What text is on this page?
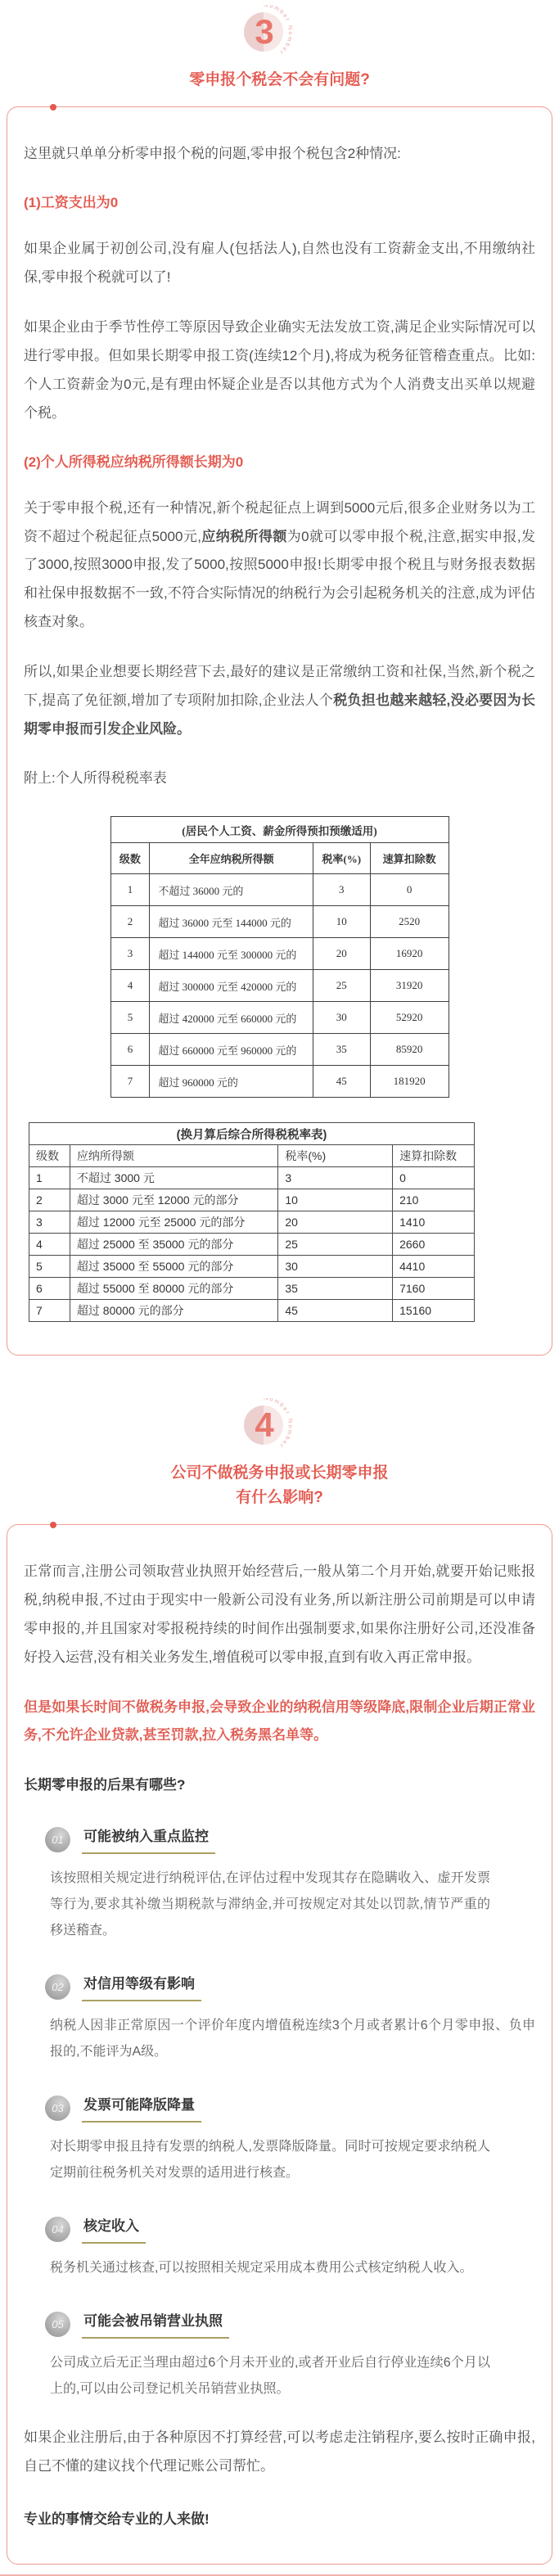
3
Number Number
零申报个税会不会有问题?

这里就只单单分析零申报个税的问题,零申报个税包含2种情况:

(1)工资支出为0

如果企业属于初创公司,没有雇人(包括法人),自然也没有工资薪金支出,不用缴纳社保,零申报个税就可以了!

如果企业由于季节性停工等原因导致企业确实无法发放工资,满足企业实际情况可以进行零申报。但如果长期零申报工资(连续12个月),将成为税务征管稽查重点。比如:个人工资薪金为0元,是有理由怀疑企业是否以其他方式为个人消费支出买单以规避个税。

(2)个人所得税应纳税所得额长期为0

关于零申报个税,还有一种情况,新个税起征点上调到5000元后,很多企业财务以为工资不超过个税起征点5000元,应纳税所得额为0就可以零申报个税,注意,据实申报,发了3000,按照3000申报,发了5000,按照5000申报!长期零申报个税且与财务报表数据和社保申报数据不一致,不符合实际情况的纳税行为会引起税务机关的注意,成为评估核查对象。

所以,如果企业想要长期经营下去,最好的建议是正常缴纳工资和社保,当然,新个税之下,提高了免征额,增加了专项附加扣除,企业法人个税负担也越来越轻,没必要因为长期零申报而引发企业风险。

附上:个人所得税税率表

(居民个人工资、薪金所得预扣预缴适用)			
级数	全年应纳税所得额	税率(%)	速算扣除数
1	不超过 36000 元的	3	0
2	超过 36000 元至 144000 元的	10	2520
3	超过 144000 元至 300000 元的	20	16920
4	超过 300000 元至 420000 元的	25	31920
5	超过 420000 元至 660000 元的	30	52920
6	超过 660000 元至 960000 元的	35	85920
7	超过 960000 元的	45	181920
(换月算后综合所得税税率表)			
级数	应纳所得额	税率(%)	速算扣除数
1	不超过 3000 元	3	0
2	超过 3000 元至 12000 元的部分	10	210
3	超过 12000 元至 25000 元的部分	20	1410
4	超过 25000 至 35000 元的部分	25	2660
5	超过 35000 至 55000 元的部分	30	4410
6	超过 55000 至 80000 元的部分	35	7160
7	超过 80000 元的部分	45	15160
4
Number Number
公司不做税务申报或长期零申报
有什么影响?

正常而言,注册公司领取营业执照开始经营后,一般从第二个月开始,就要开始记账报税,纳税申报,不过由于现实中一般新公司没有业务,所以新注册公司前期是可以申请零申报的,并且国家对零报税持续的时间作出强制要求,如果你注册好公司,还没准备好投入运营,没有相关业务发生,增值税可以零申报,直到有收入再正常申报。

但是如果长时间不做税务申报,会导致企业的纳税信用等级降底,限制企业后期正常业务,不允许企业贷款,甚至罚款,拉入税务黑名单等。

长期零申报的后果有哪些?

01	可能被纳入重点监控

该按照相关规定进行纳税评估,在评估过程中发现其存在隐瞒收入、虚开发票等行为,要求其补缴当期税款与滞纳金,并可按规定对其处以罚款,情节严重的移送稽查。

02	对信用等级有影响

纳税人因非正常原因一个评价年度内增值税连续3个月或者累计6个月零申报、负申报的,不能评为A级。

03	发票可能降版降量

对长期零申报且持有发票的纳税人,发票降版降量。同时可按规定要求纳税人定期前往税务机关对发票的适用进行核查。

04	核定收入

税务机关通过核查,可以按照相关规定采用成本费用公式核定纳税人收入。

05	可能会被吊销营业执照

公司成立后无正当理由超过6个月未开业的,或者开业后自行停业连续6个月以上的,可以由公司登记机关吊销营业执照。

如果企业注册后,由于各种原因不打算经营,可以考虑走注销程序,要么按时正确申报,自己不懂的建议找个代理记账公司帮忙。

专业的事情交给专业的人来做!
